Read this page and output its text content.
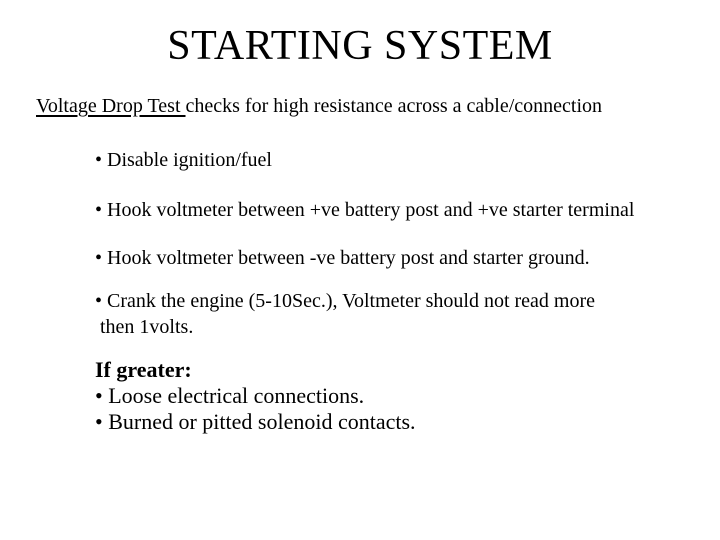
STARTING SYSTEM
Voltage Drop Test checks for high resistance across a cable/connection
• Disable ignition/fuel
• Hook voltmeter between +ve battery post and +ve starter terminal
• Hook voltmeter between -ve battery post and starter ground.
• Crank the engine (5-10Sec.), Voltmeter should not read more
then 1volts.
If greater:
• Loose electrical connections.
• Burned or pitted solenoid contacts.
